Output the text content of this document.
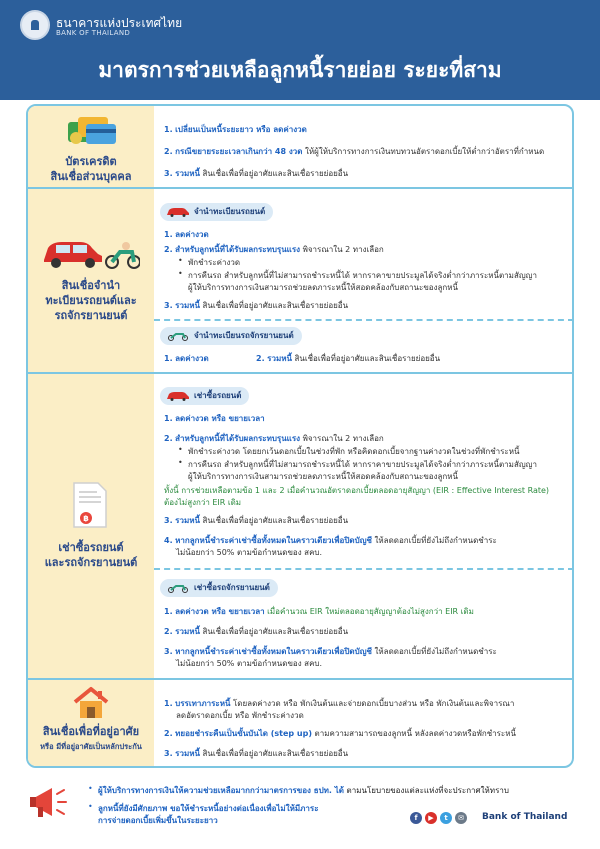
ธนาคารแห่งประเทศไทย
BANK OF THAILAND
มาตรการช่วยเหลือลูกหนี้รายย่อย ระยะที่สาม
บัตรเครดิต
สินเชื่อส่วนบุคคล
1. เปลี่ยนเป็นหนี้ระยะยาว หรือ ลดค่างวด
2. กรณีขยายระยะเวลาเกินกว่า 48 งวด ให้ผู้ให้บริการทางการเงินทบทวนอัตราดอกเบี้ยให้ต่ำกว่าอัตราที่กำหนด
3. รวมหนี้ สินเชื่อเพื่อที่อยู่อาศัยและสินเชื่อรายย่อยอื่น
สินเชื่อจำนำ
ทะเบียนรถยนต์และ
รถจักรยานยนต์
จำนำทะเบียนรถยนต์
1. ลดค่างวด
2. สำหรับลูกหนี้ที่ได้รับผลกระทบรุนแรง พิจารณาใน 2 ทางเลือก
• พักชำระค่างวด
• การคืนรถ สำหรับลูกหนี้ที่ไม่สามารถชำระหนี้ได้ หากราคาขายประมูลได้จริงต่ำกว่าภาระหนี้ตามสัญญา
ผู้ให้บริการทางการเงินสามารถช่วยลดภาระหนี้ให้สอดคล้องกับสถานะของลูกหนี้
3. รวมหนี้ สินเชื่อเพื่อที่อยู่อาศัยและสินเชื่อรายย่อยอื่น
จำนำทะเบียนรถจักรยานยนต์
1. ลดค่างวด	2. รวมหนี้ สินเชื่อเพื่อที่อยู่อาศัยและสินเชื่อรายย่อยอื่น
฿
เช่าซื้อรถยนต์
และรถจักรยานยนต์
เช่าซื้อรถยนต์
1. ลดค่างวด หรือ ขยายเวลา
2. สำหรับลูกหนี้ที่ได้รับผลกระทบรุนแรง พิจารณาใน 2 ทางเลือก
• พักชำระค่างวด โดยยกเว้นดอกเบี้ยในช่วงที่พัก หรือคิดดอกเบี้ยจากฐานค่างวดในช่วงที่พักชำระหนี้
• การคืนรถ สำหรับลูกหนี้ที่ไม่สามารถชำระหนี้ได้ หากราคาขายประมูลได้จริงต่ำกว่าภาระหนี้ตามสัญญา
ผู้ให้บริการทางการเงินสามารถช่วยลดภาระหนี้ให้สอดคล้องกับสถานะของลูกหนี้
ทั้งนี้ การช่วยเหลือตามข้อ 1 และ 2 เมื่อคำนวณอัตราดอกเบี้ยตลอดอายุสัญญา (EIR : Effective Interest Rate)
ต้องไม่สูงกว่า EIR เดิม
3. รวมหนี้ สินเชื่อเพื่อที่อยู่อาศัยและสินเชื่อรายย่อยอื่น
4. หากลูกหนี้ชำระค่าเช่าซื้อทั้งหมดในคราวเดียวเพื่อปิดบัญชี ให้ลดดอกเบี้ยที่ยังไม่ถึงกำหนดชำระ
ไม่น้อยกว่า 50% ตามข้อกำหนดของ สคบ.
เช่าซื้อรถจักรยานยนต์
1. ลดค่างวด หรือ ขยายเวลา เมื่อคำนวณ EIR ใหม่ตลอดอายุสัญญาต้องไม่สูงกว่า EIR เดิม
2. รวมหนี้ สินเชื่อเพื่อที่อยู่อาศัยและสินเชื่อรายย่อยอื่น
3. หากลูกหนี้ชำระค่าเช่าซื้อทั้งหมดในคราวเดียวเพื่อปิดบัญชี ให้ลดดอกเบี้ยที่ยังไม่ถึงกำหนดชำระ
ไม่น้อยกว่า 50% ตามข้อกำหนดของ สคบ.
สินเชื่อเพื่อที่อยู่อาศัย
หรือ มีที่อยู่อาศัยเป็นหลักประกัน
1. บรรเทาภาระหนี้ โดยลดค่างวด หรือ พักเงินต้นและจ่ายดอกเบี้ยบางส่วน หรือ พักเงินต้นและพิจารณา
ลดอัตราดอกเบี้ย หรือ พักชำระค่างวด
2. ทยอยชำระคืนเป็นขั้นบันได (step up) ตามความสามารถของลูกหนี้ หลังลดค่างวดหรือพักชำระหนี้
3. รวมหนี้ สินเชื่อเพื่อที่อยู่อาศัยและสินเชื่อรายย่อยอื่น
• ผู้ให้บริการทางการเงินให้ความช่วยเหลือมากกว่ามาตรการของ ธปท. ได้ ตามนโยบายของแต่ละแห่งที่จะประกาศให้ทราบ
• ลูกหนี้ที่ยังมีศักยภาพ ขอให้ชำระหนี้อย่างต่อเนื่องเพื่อไม่ให้มีภาระ
การจ่ายดอกเบี้ยเพิ่มขึ้นในระยะยาว	f	▶	t	✉	Bank of Thailand
